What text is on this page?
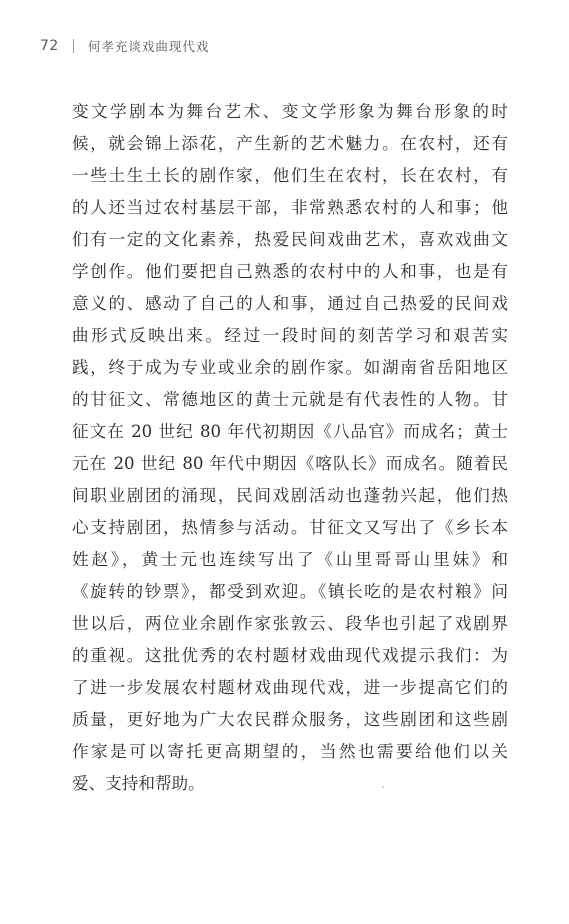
72 何孝充谈戏曲现代戏
变文学剧本为舞台艺术、变文学形象为舞台形象的时
候，就会锦上添花，产生新的艺术魅力。在农村，还有
一些土生土长的剧作家，他们生在农村，长在农村，有
的人还当过农村基层干部，非常熟悉农村的人和事；他
们有一定的文化素养，热爱民间戏曲艺术，喜欢戏曲文
学创作。他们要把自己熟悉的农村中的人和事，也是有
意义的、感动了自己的人和事，通过自己热爱的民间戏
曲形式反映出来。经过一段时间的刻苦学习和艰苦实
践，终于成为专业或业余的剧作家。如湖南省岳阳地区
的甘征文、常德地区的黄士元就是有代表性的人物。甘
征文在 20 世纪 80 年代初期因《八品官》而成名；黄士
元在 20 世纪 80 年代中期因《喀队长》而成名。随着民
间职业剧团的涌现，民间戏剧活动也蓬勃兴起，他们热
心支持剧团，热情参与活动。甘征文又写出了《乡长本
姓赵》，黄士元也连续写出了《山里哥哥山里妹》和
《旋转的钞票》，都受到欢迎。《镇长吃的是农村粮》问
世以后，两位业余剧作家张敦云、段华也引起了戏剧界
的重视。这批优秀的农村题材戏曲现代戏提示我们：为
了进一步发展农村题材戏曲现代戏，进一步提高它们的
质量，更好地为广大农民群众服务，这些剧团和这些剧
作家是可以寄托更高期望的，当然也需要给他们以关
爱、支持和帮助。
